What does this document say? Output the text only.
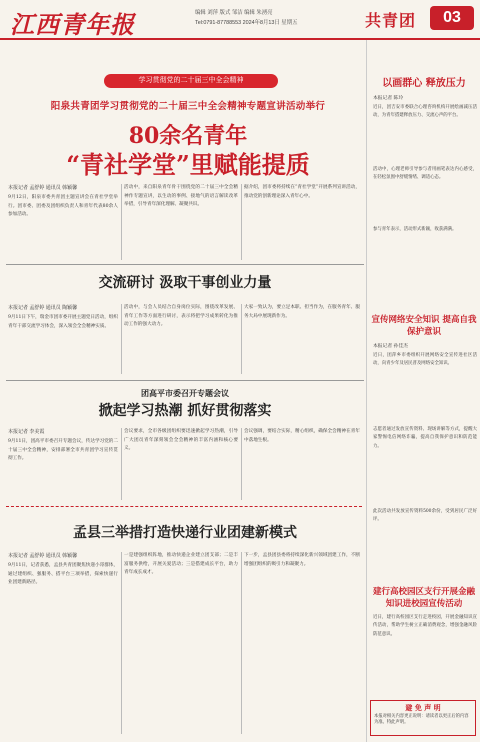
江西青年报	编辑 刘萍 版式 邹洁 编辑 朱湧亮
Tel:0791-87788553 2024年8月13日 星期五	共青团	03
学习贯彻党的二十届三中全会精神
阳泉共青团学习贯彻党的二十届三中全会精神专题宣讲活动举行
80余名青年
“青社学堂”里赋能提质
本报记者 孟舒婷 通讯员 韩颖馨
9月12日，阳泉市委共青团主题宣讲会在青社学堂举行。团市委、团委及团组织负责人和青年代表80余人参加活动。
活动中，来自阳泉青年骨干围绕党的二十届三中全会精神作专题宣讲，以生动的事例、接地气的语言解读改革举措，引导青年深化理解、凝聚共识。
据介绍，团市委将持续在“青社学堂”开展系列宣讲活动，推动党的创新理论深入青年心中。
交流研讨 汲取干事创业力量
本报记者 孟舒婷 通讯员 陶颖馨
9月11日下午，瑞金市团市委开展主题党日活动，组织青年干部交流学习体会，深入领会全会精神实质。
活动中，与会人员结合自身岗位实际，围绕改革发展、青年工作等方面进行研讨，表示将把学习成果转化为推动工作的强大动力。
大家一致认为，要立足本职、担当作为，在服务青年、服务大局中展现新作为。
团高平市委召开专题会议
掀起学习热潮 抓好贯彻落实
本报记者 李美霞
9月11日，团高平市委召开专题会议，传达学习党的二十届三中全会精神，安排部署全市共青团学习宣传贯彻工作。
会议要求，全市各级团组织要迅速掀起学习热潮，引导广大团员青年深刻领会全会精神的丰富内涵和核心要义。
会议强调，要结合实际，精心组织，确保全会精神在青年中落地生根。
孟县三举措打造快递行业团建新模式
本报记者 孟舒婷 通讯员 韩颖馨
9月11日，记者获悉，孟县共青团聚焦快递小哥群体，通过建组织、强服务、搭平台三项举措，探索快递行业团建新路径。
一是建强组织阵地，推动快递企业建立团支部；二是丰富服务供给，开展关爱活动；三是搭建成长平台，助力青年成长成才。
下一步，孟县团县委将持续深化新兴领域团建工作，不断增强团组织的吸引力和凝聚力。
以画群心 释放压力
本报记者 陈玲
近日，团吉安市委联合心理咨询机构开展绘画减压活动，为青年搭建释放压力、交流心声的平台。
活动中，心理老师引导参与者用画笔表达内心感受，在轻松氛围中舒缓情绪、调适心态。
参与青年表示，活动形式新颖，收获满满。
宣传网络安全知识 提高自我保护意识
本报记者 孙佳杰
近日，团萍乡市委组织开展网络安全宣传进社区活动，向青少年及居民普及网络安全知识。
志愿者通过发放宣传资料、现场讲解等方式，提醒大家警惕电信网络诈骗，提高自我保护意识和防范能力。
此次活动共发放宣传资料500余份，受到居民广泛好评。
建行高校园区支行开展金融知识进校园宣传活动
近日，建行高校园区支行走进校园，开展金融知识宣传活动，帮助学生树立正确消费观念，增强金融风险防范意识。
避 免 声 明
本报对相关内容更正说明：请读者以更正后的内容为准。特此声明。
